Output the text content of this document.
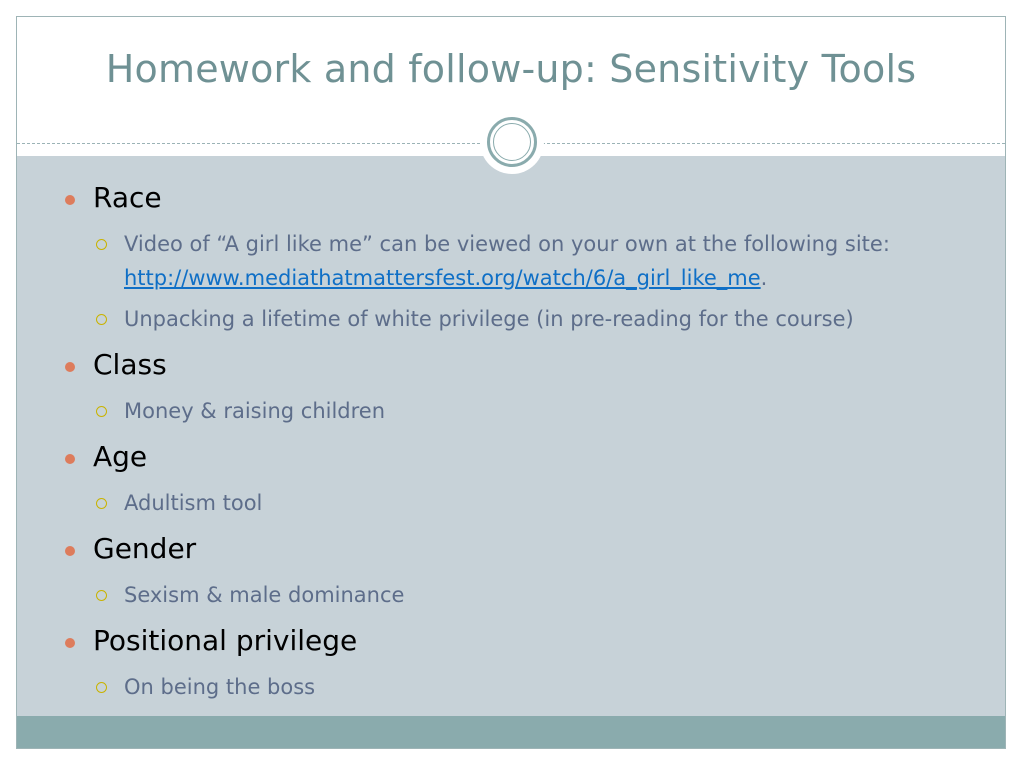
Homework and follow-up: Sensitivity Tools
Race
Video of “A girl like me” can be viewed on your own at the following site:
http://www.mediathatmattersfest.org/watch/6/a_girl_like_me.
Unpacking a lifetime of white privilege (in pre-reading for the course)
Class
Money & raising children
Age
Adultism tool
Gender
Sexism & male dominance
Positional privilege
On being the boss
